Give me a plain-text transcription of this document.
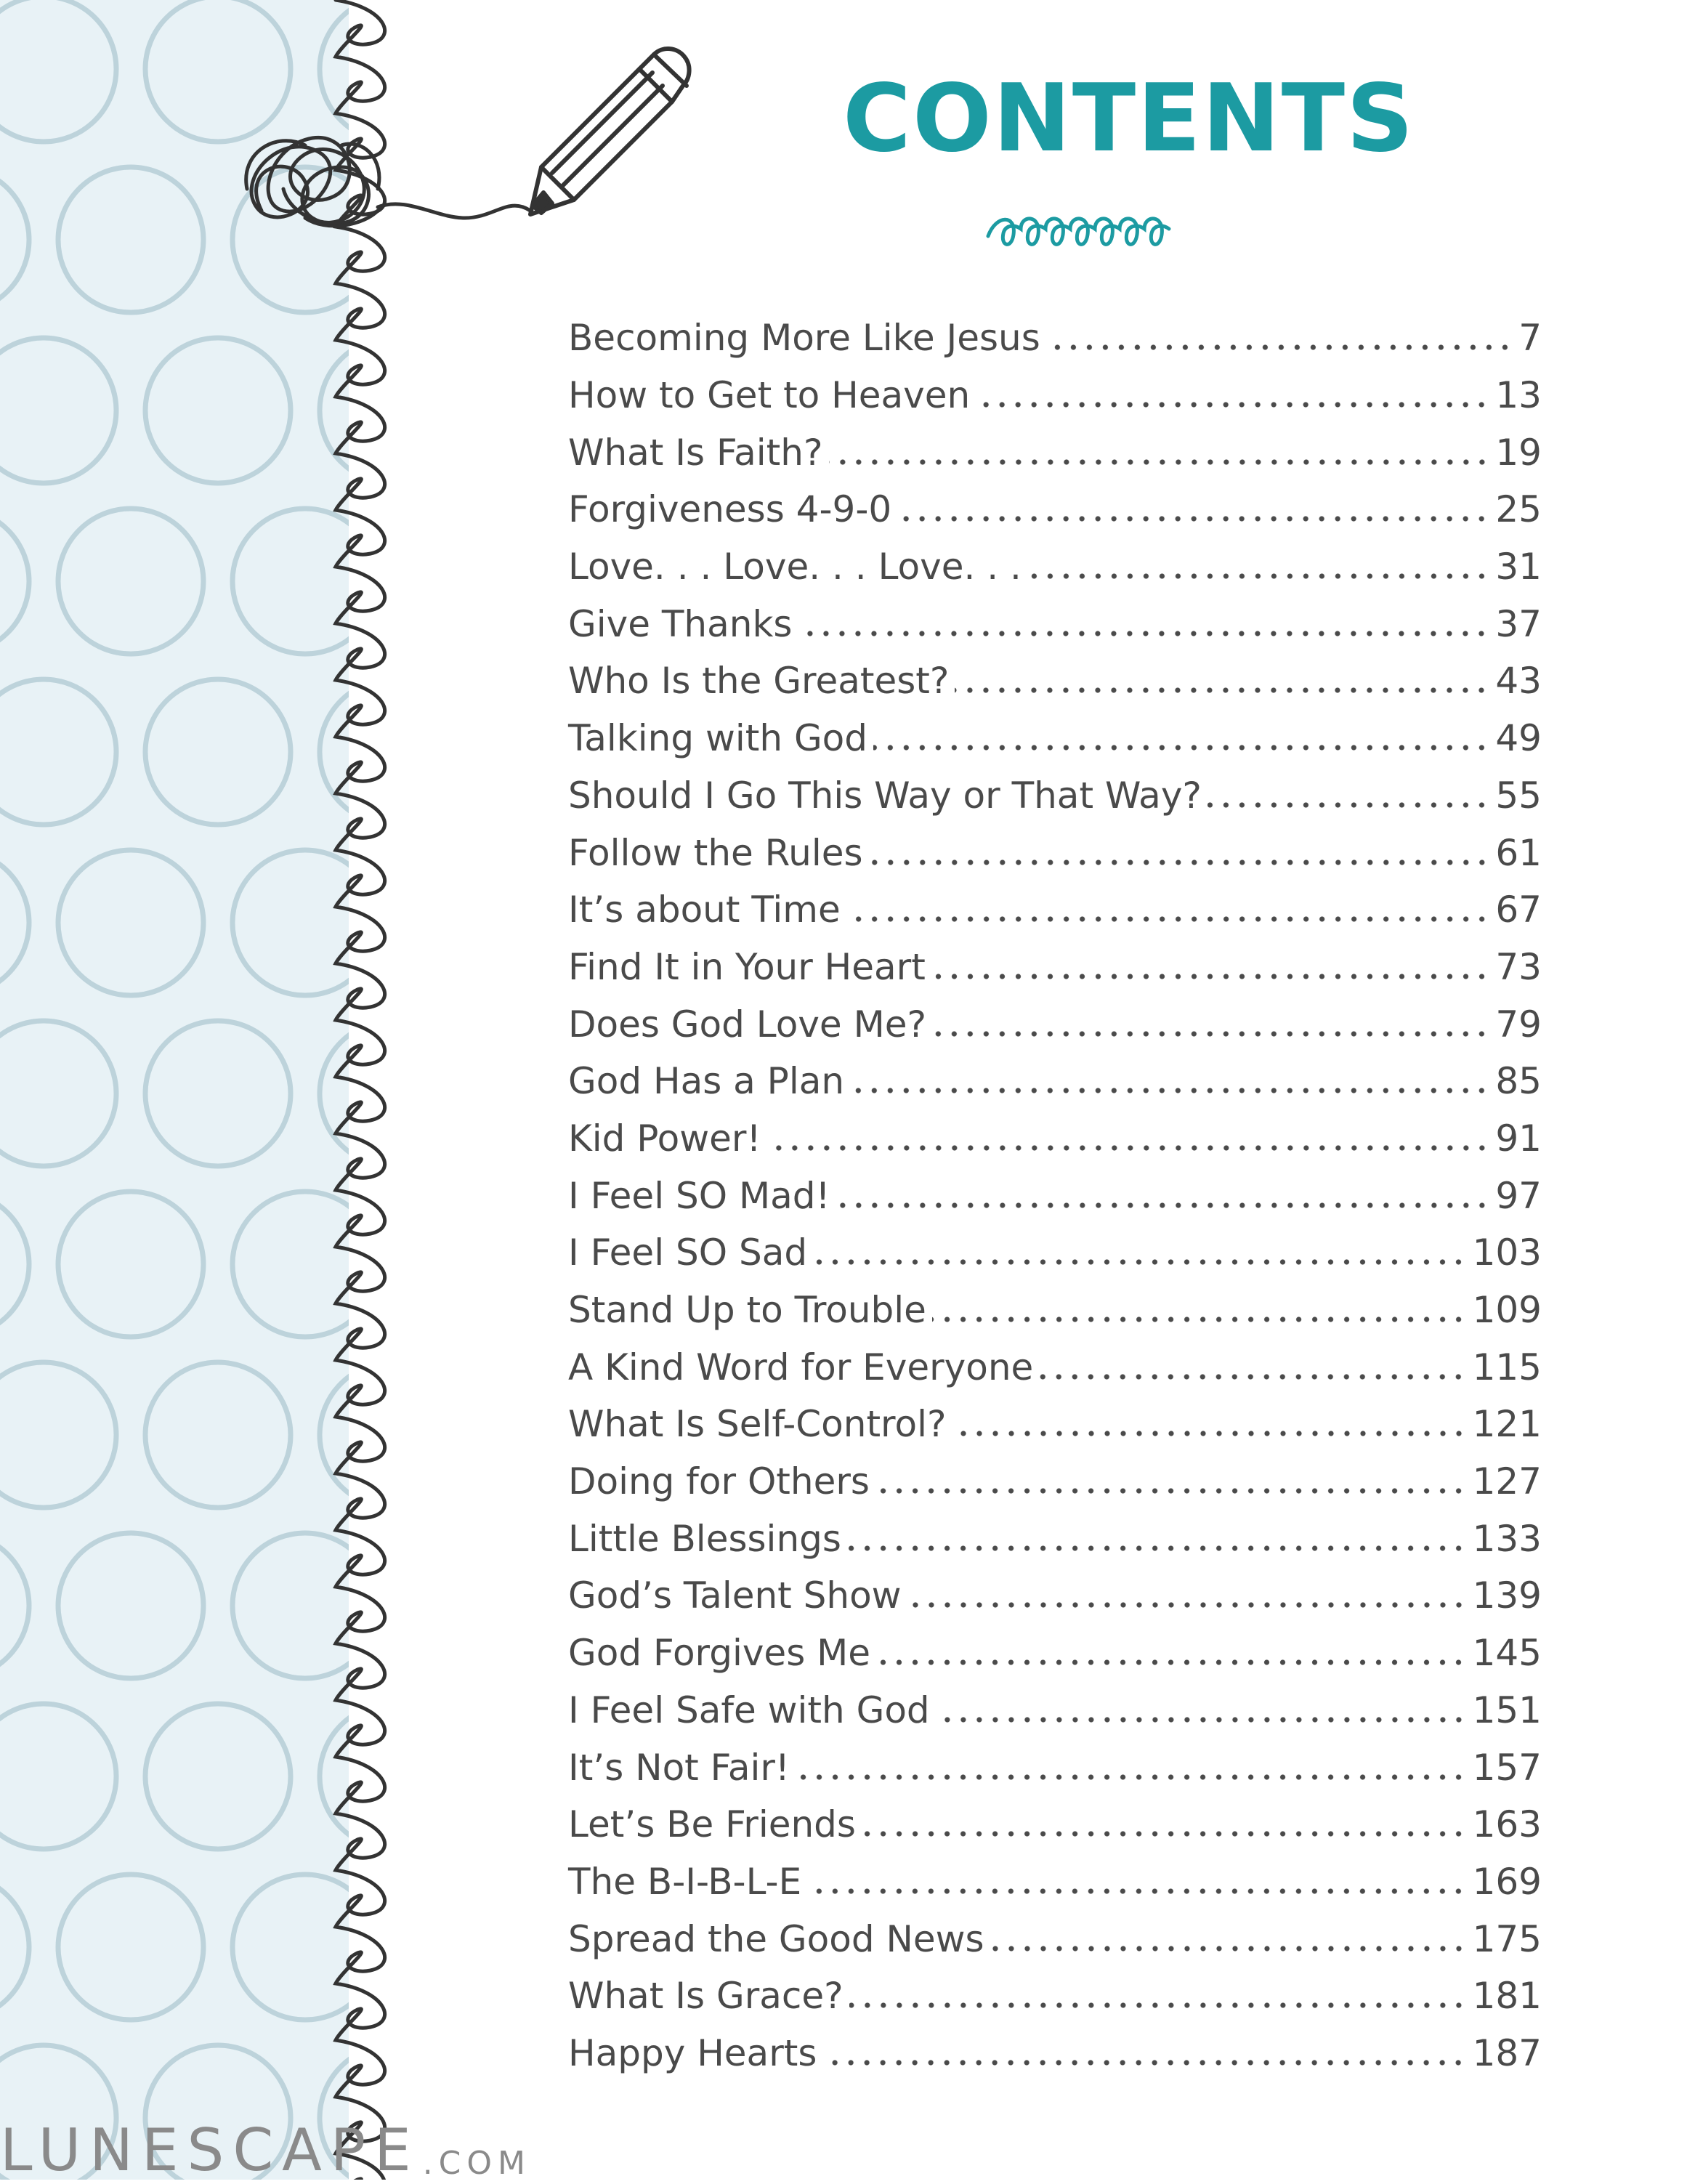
CONTENTS
Becoming More Like Jesus	7
How to Get to Heaven	13
What Is Faith?	19
Forgiveness 4-9-0	25
Love. . . Love. . . Love. . .	31
Give Thanks	37
Who Is the Greatest?	43
Talking with God	49
Should I Go This Way or That Way?	55
Follow the Rules	61
It’s about Time	67
Find It in Your Heart	73
Does God Love Me?	79
God Has a Plan	85
Kid Power!	91
I Feel SO Mad!	97
I Feel SO Sad	103
Stand Up to Trouble	109
A Kind Word for Everyone	115
What Is Self-Control?	121
Doing for Others	127
Little Blessings	133
God’s Talent Show	139
God Forgives Me	145
I Feel Safe with God	151
It’s Not Fair!	157
Let’s Be Friends	163
The B-I-B-L-E	169
Spread the Good News	175
What Is Grace?	181
Happy Hearts	187
LUNESCAPE .COM
